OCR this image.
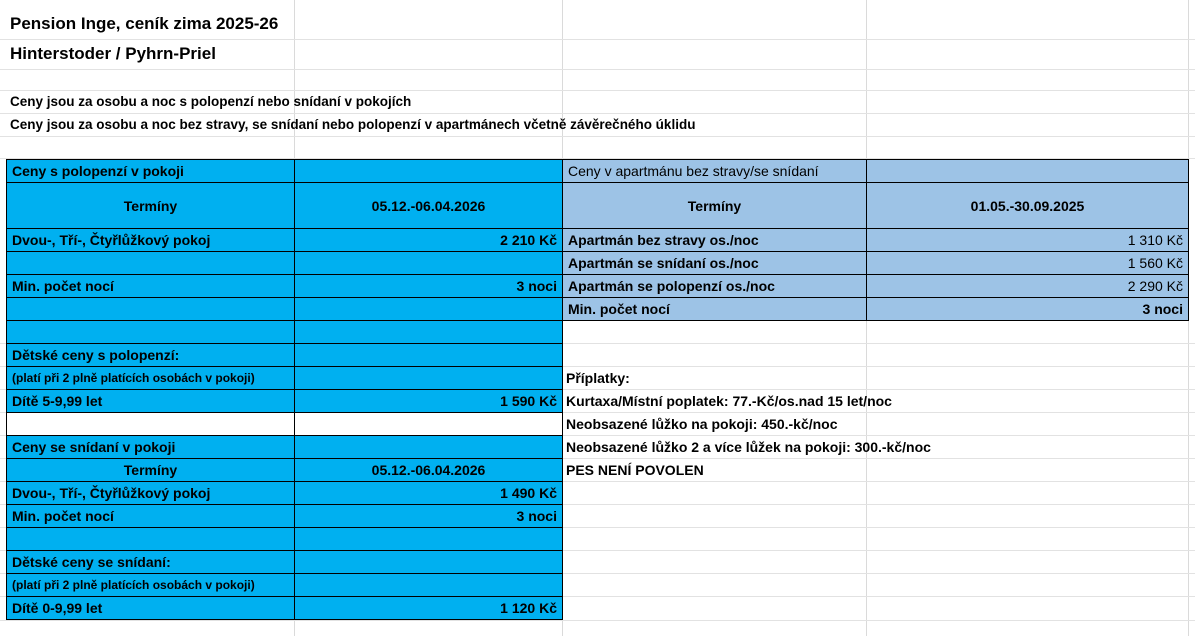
Pension Inge, ceník zima 2025-26
Hinterstoder / Pyhrn-Priel
Ceny jsou za osobu a noc s polopenzí nebo snídaní v pokojích
Ceny jsou za osobu a noc bez stravy, se snídaní nebo polopenzí v apartmánech včetně závěrečného úklidu
Ceny s polopenzí v pokoji	
Termíny	05.12.-06.04.2026
Dvou-, Tří-, Čtyřlůžkový pokoj	2 210 Kč

Min. počet nocí	3 noci

Dětské ceny s polopenzí:	
(platí při 2 plně platících osobách v pokoji)	
Dítě 5-9,99 let	1 590 Kč

Ceny se snídaní v pokoji	
Termíny	05.12.-06.04.2026
Dvou-, Tří-, Čtyřlůžkový pokoj	1 490 Kč
Min. počet nocí	3 noci

Dětské ceny se snídaní:	
(platí při 2 plně platících osobách v pokoji)	
Dítě 0-9,99 let	1 120 Kč
Ceny v apartmánu bez stravy/se snídaní	
Termíny	01.05.-30.09.2025
Apartmán bez stravy os./noc	1 310 Kč
Apartmán se snídaní os./noc	1 560 Kč
Apartmán se polopenzí os./noc	2 290 Kč
Min. počet nocí	3 noci
Příplatky:
Kurtaxa/Místní poplatek: 77.-Kč/os.nad 15 let/noc
Neobsazené lůžko na pokoji: 450.-kč/noc
Neobsazené lůžko 2 a více lůžek na pokoji: 300.-kč/noc
PES NENÍ POVOLEN
